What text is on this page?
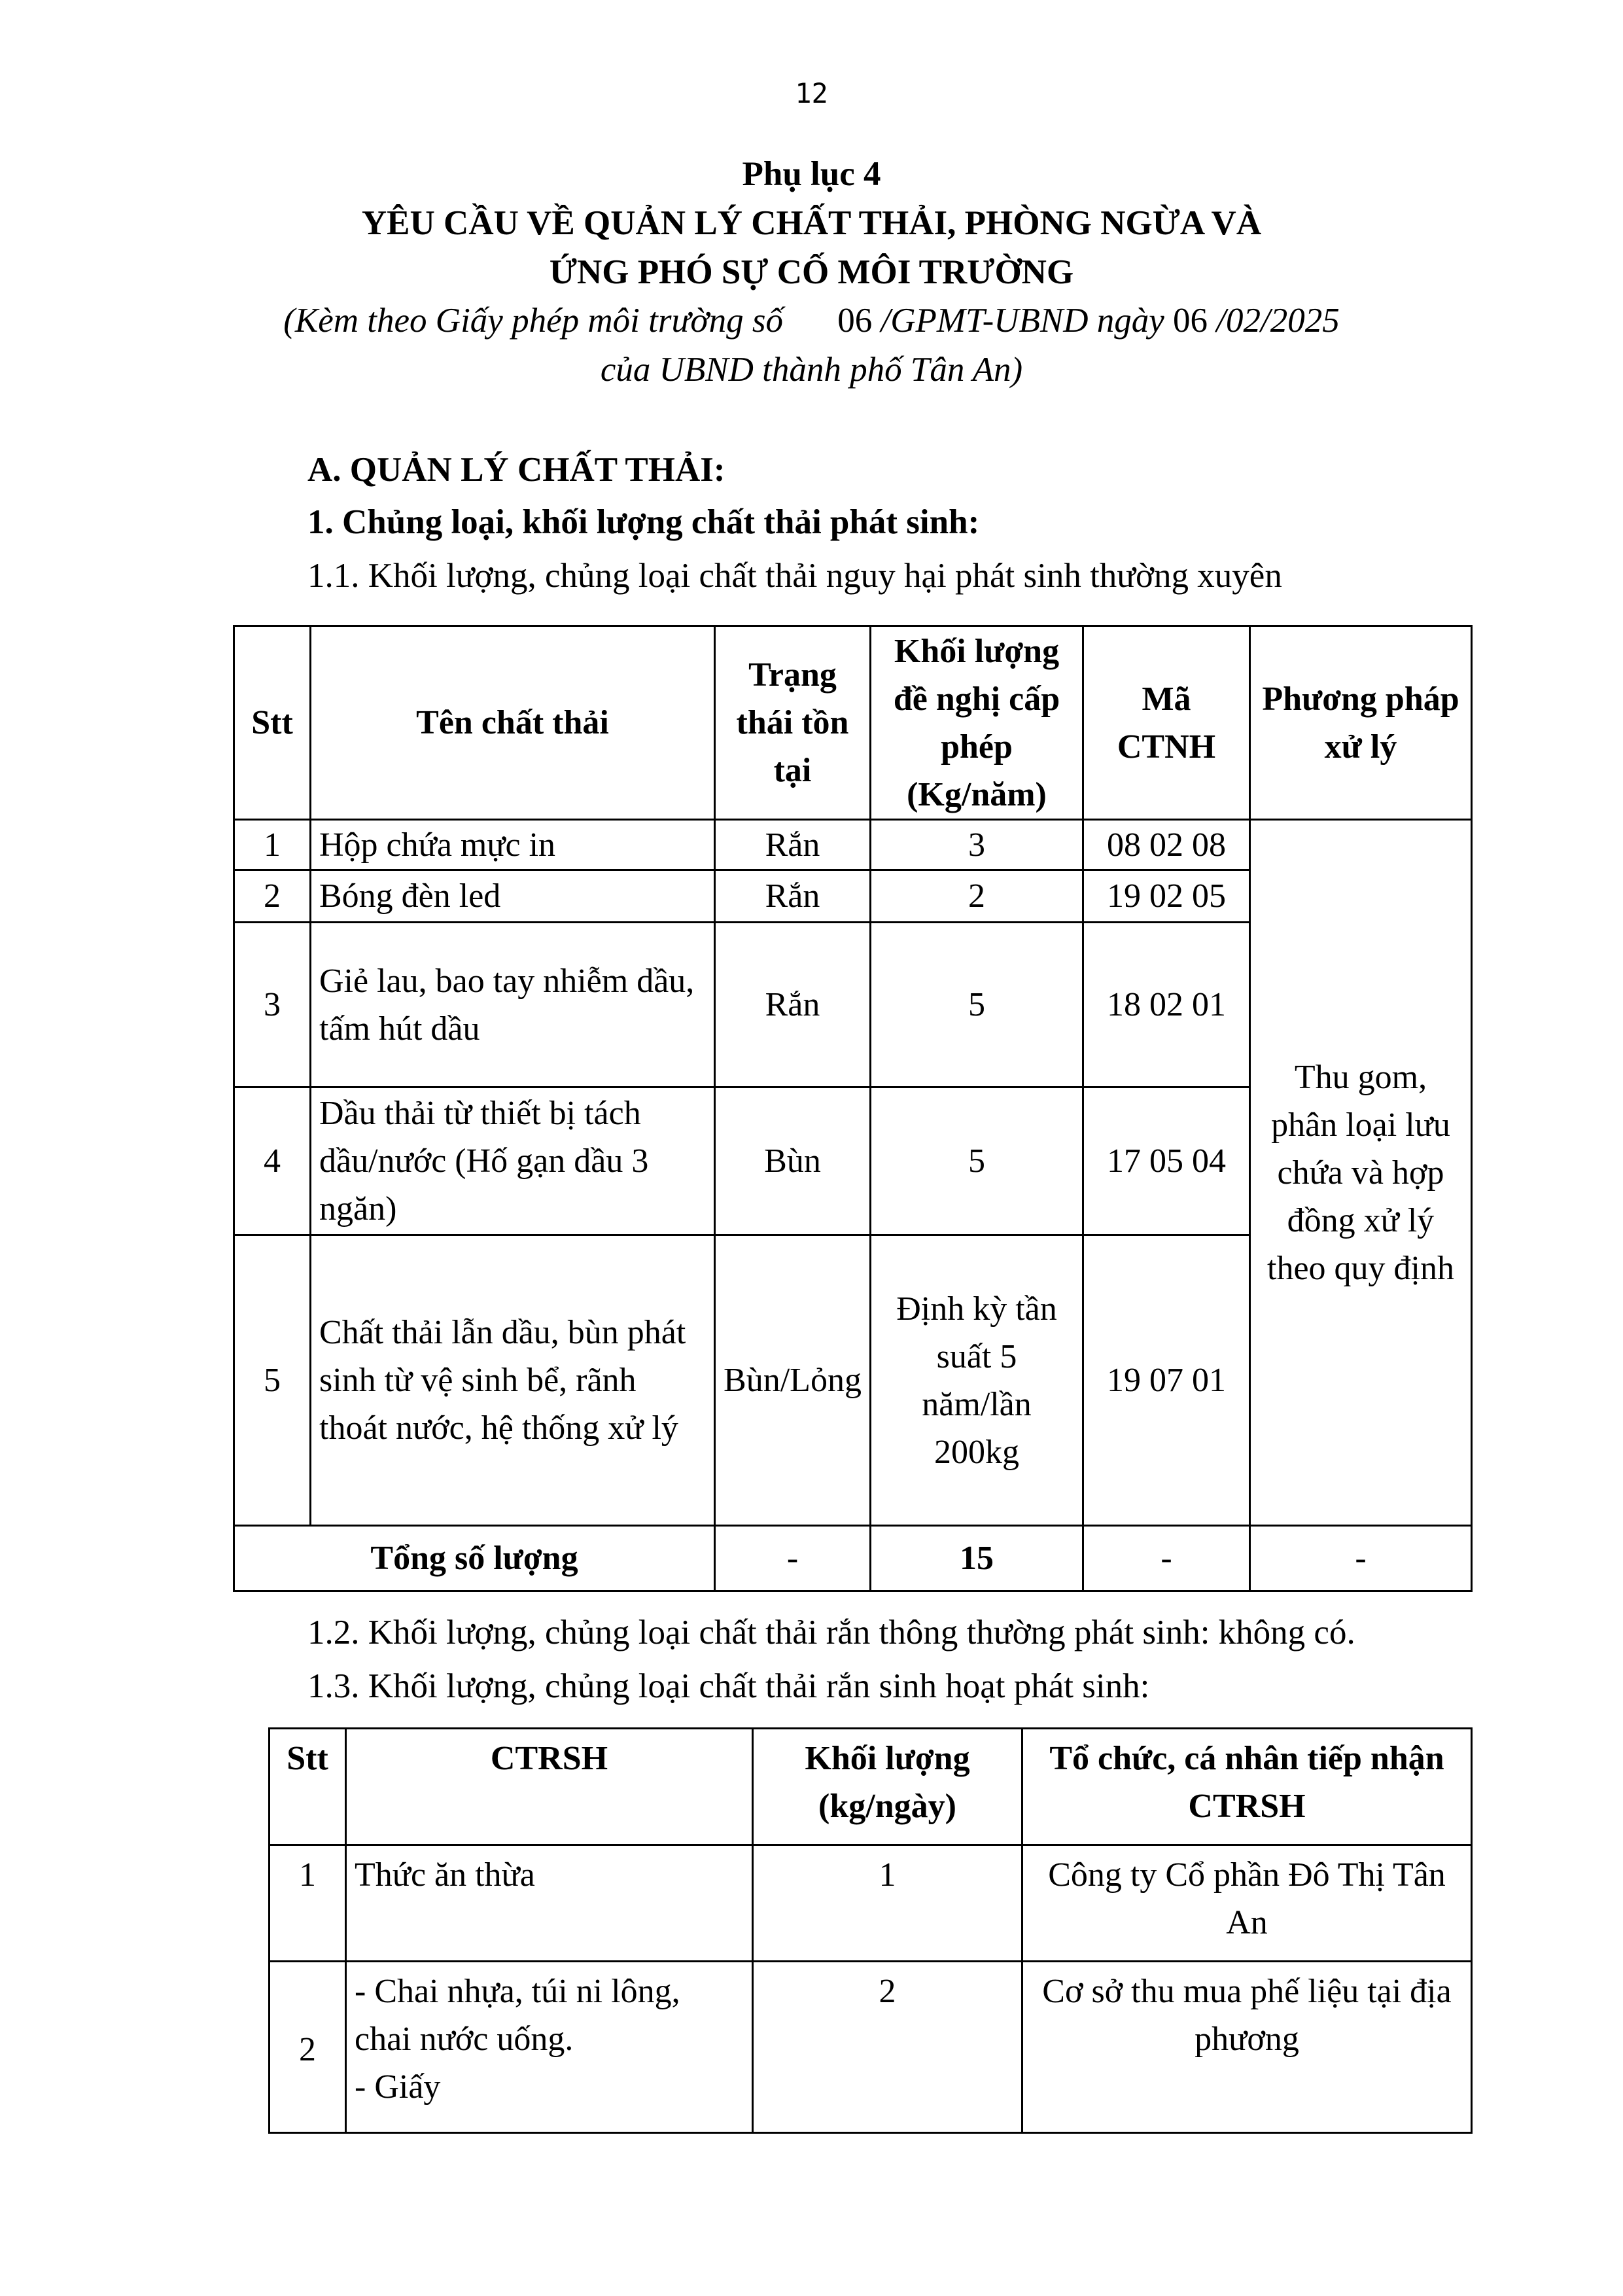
12
Phụ lục 4
YÊU CẦU VỀ QUẢN LÝ CHẤT THẢI, PHÒNG NGỪA VÀ
ỨNG PHÓ SỰ CỐ MÔI TRƯỜNG
(Kèm theo Giấy phép môi trường số 06 /GPMT-UBND ngày 06 /02/2025
của UBND thành phố Tân An)
A. QUẢN LÝ CHẤT THẢI:
1. Chủng loại, khối lượng chất thải phát sinh:
1.1. Khối lượng, chủng loại chất thải nguy hại phát sinh thường xuyên
Stt	Tên chất thải	Trạng thái tồn tại	Khối lượng đề nghị cấp phép (Kg/năm)	Mã CTNH	Phương pháp xử lý
1	Hộp chứa mực in	Rắn	3	08 02 08	Thu gom, phân loại lưu chứa và hợp đồng xử lý theo quy định
2	Bóng đèn led	Rắn	2	19 02 05	
3	Giẻ lau, bao tay nhiễm dầu, tấm hút dầu	Rắn	5	18 02 01	
4	Dầu thải từ thiết bị tách dầu/nước (Hố gạn dầu 3 ngăn)	Bùn	5	17 05 04	
5	Chất thải lẫn dầu, bùn phát sinh từ vệ sinh bể, rãnh thoát nước, hệ thống xử lý	Bùn/Lỏng	Định kỳ tần suất 5 năm/lần 200kg	19 07 01	
Tổng số lượng		-	15	-	-
1.2. Khối lượng, chủng loại chất thải rắn thông thường phát sinh: không có.
1.3. Khối lượng, chủng loại chất thải rắn sinh hoạt phát sinh:
Stt	CTRSH	Khối lượng (kg/ngày)	Tổ chức, cá nhân tiếp nhận CTRSH
1	Thức ăn thừa	1	Công ty Cổ phần Đô Thị Tân An
2	- Chai nhựa, túi ni lông, chai nước uống.
- Giấy	2	Cơ sở thu mua phế liệu tại địa phương
